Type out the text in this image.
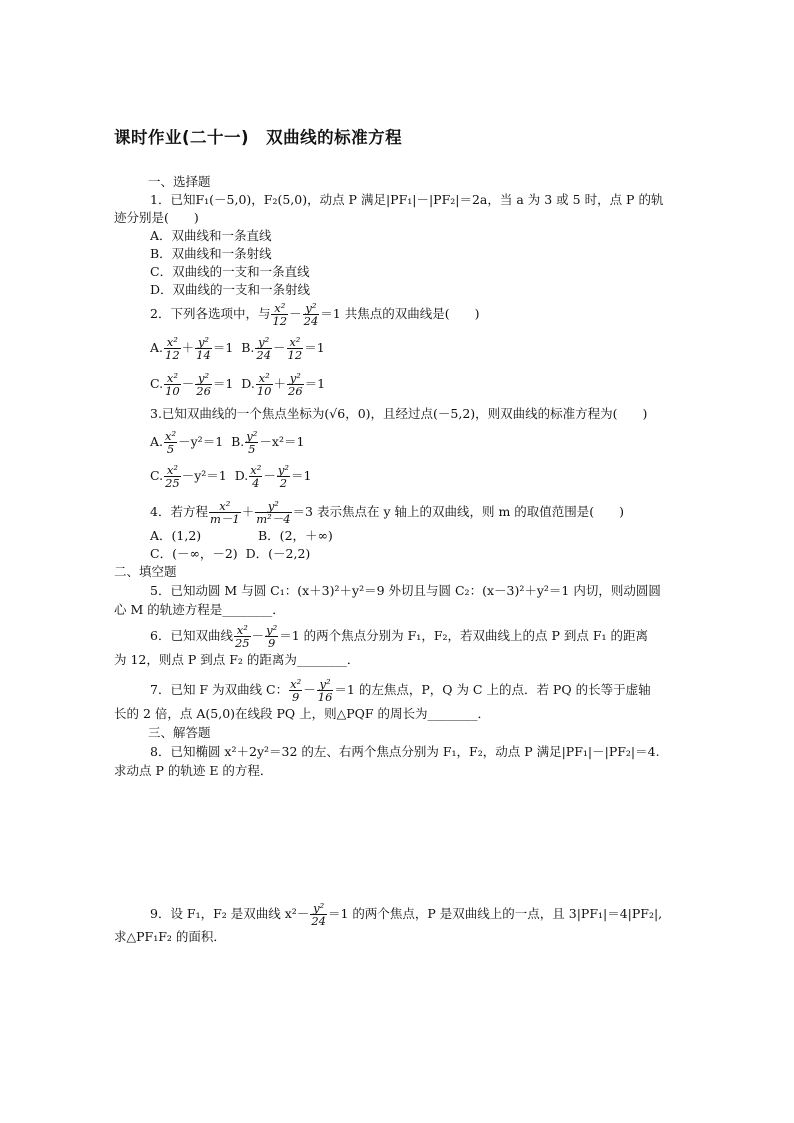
课时作业(二十一)　双曲线的标准方程
一、选择题
1．已知F₁(－5,0)，F₂(5,0)，动点 P 满足|PF₁|－|PF₂|＝2a，当 a 为 3 或 5 时，点 P 的轨
迹分别是(　　)
A．双曲线和一条直线
B．双曲线和一条射线
C．双曲线的一支和一条直线
D．双曲线的一支和一条射线
2．下列各选项中，与 $\frac{\text{x²}}{12} - \frac{\text{y²}}{24} =1$ 共焦点的双曲线是(　　)
A. $\frac{\text{x²}}{12} + \frac{\text{y²}}{14} =1$ B. $\frac{\text{y²}}{24} - \frac{\text{x²}}{12} =1$
C. $\frac{\text{x²}}{10} - \frac{\text{y²}}{26} =1$ D. $\frac{\text{x²}}{10} + \frac{\text{y²}}{26} =1$
3.已知双曲线的一个焦点坐标为(√6，0)，且经过点(－5,2)，则双曲线的标准方程为(　　)
A. $\frac{\text{x²}}{5} -y^2=1$ B. $\frac{\text{y²}}{5} -x^2=1$
C. $\frac{\text{x²}}{25} -y^2=1$ D. $\frac{\text{x²}}{4} - \frac{\text{y²}}{2} =1$
4．若方程 $\frac{\text{x²}}{m-1} + \frac{\text{y²}}{\text{m²－4}} =3$ 表示焦点在 y 轴上的双曲线，则 m 的取值范围是(　　)
A．(1,2)	B．(2，＋∞)
C．(－∞，－2) D．(－2,2)
二、填空题
5．已知动圆 M 与圆 C₁：(x＋3)²＋y²＝9 外切且与圆 C₂：(x－3)²＋y²＝1 内切，则动圆圆
心 M 的轨迹方程是________．
6．已知双曲线 $\frac{\text{x²}}{25} - \frac{\text{y²}}{9} =1$ 的两个焦点分别为 F₁，F₂，若双曲线上的点 P 到点 F₁ 的距离
为 12，则点 P 到点 F₂ 的距离为________．
7．已知 F 为双曲线 C： $\frac{\text{x²}}{9} - \frac{\text{y²}}{16} =1$ 的左焦点，P，Q 为 C 上的点．若 PQ 的长等于虚轴
长的 2 倍，点 A(5,0)在线段 PQ 上，则△PQF 的周长为________．
三、解答题
8．已知椭圆 x²＋2y²＝32 的左、右两个焦点分别为 F₁，F₂，动点 P 满足|PF₁|－|PF₂|＝4.
求动点 P 的轨迹 E 的方程．
9．设 F₁，F₂ 是双曲线 $x^2- \frac{\text{y²}}{24} =1$ 的两个焦点，P 是双曲线上的一点，且 3|PF₁|＝4|PF₂|,
求△PF₁F₂ 的面积．
